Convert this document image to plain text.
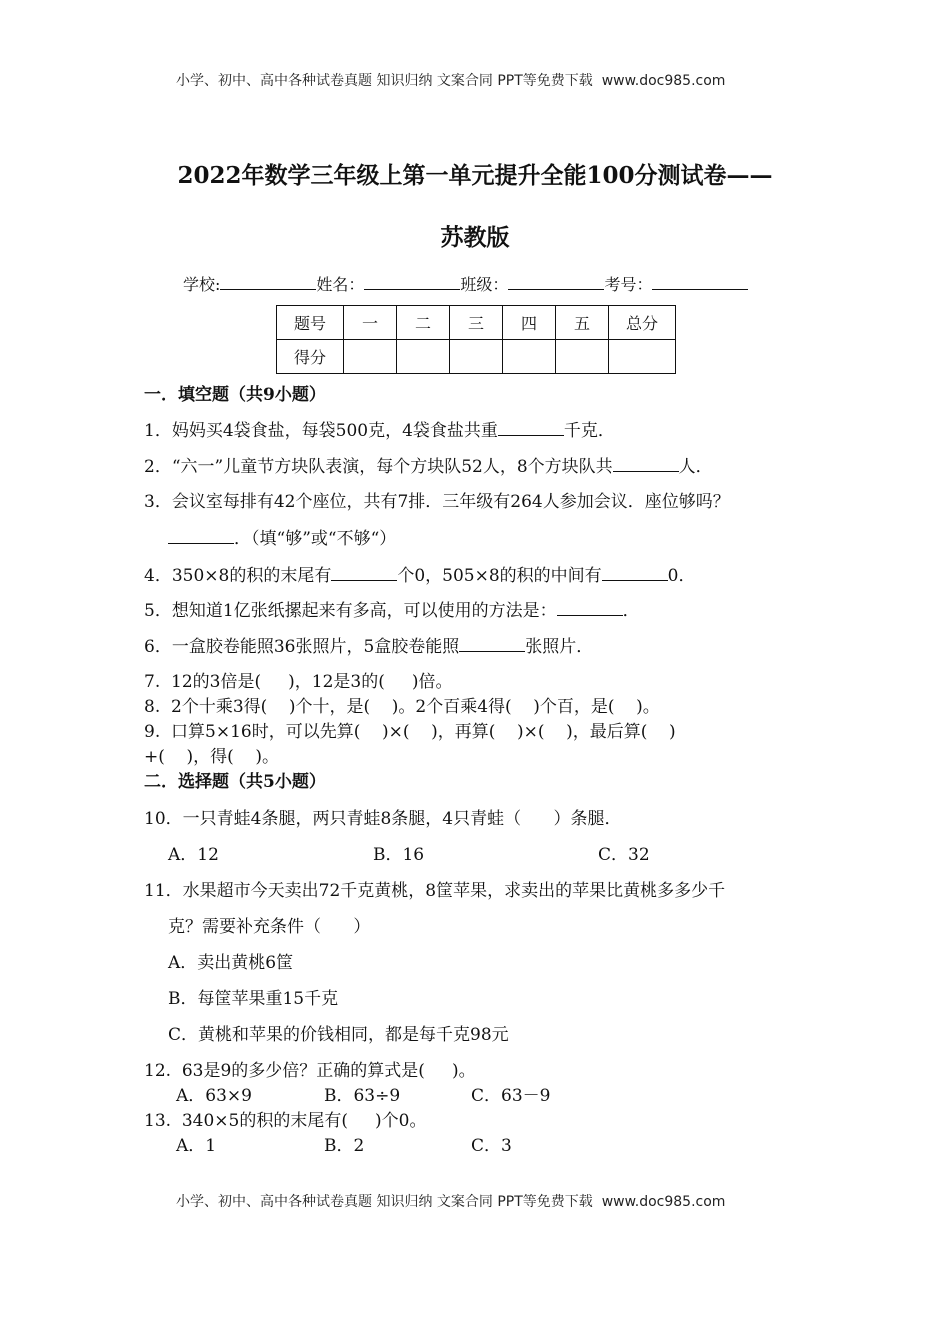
小学、初中、高中各种试卷真题 知识归纳 文案合同 PPT等免费下载 www.doc985.com
2022年数学三年级上第一单元提升全能100分测试卷——
苏教版
学校:	姓名：	班级：	考号：
题号	一	二	三	四	五	总分
得分						
一．填空题（共9小题）
1．妈妈买4袋食盐，每袋500克，4袋食盐共重	千克．
2．“六一”儿童节方块队表演，每个方块队52人，8个方块队共	人．
3．会议室每排有42个座位，共有7排．三年级有264人参加会议．座位够吗？
．（填“够”或“不够“）
4．350×8的积的末尾有	个0，505×8的积的中间有	0．
5．想知道1亿张纸摞起来有多高，可以使用的方法是：	．
6．一盒胶卷能照36张照片，5盒胶卷能照	张照片．
7.  12的3倍是(     )，12是3的(     )倍。
8.  2个十乘3得(    )个十，是(    )。2个百乘4得(    )个百，是(    )。
9.  口算5×16时，可以先算(    )×(    )，再算(    )×(    )，最后算(    )
+(    )，得(    )。
二．选择题（共5小题）
10．一只青蛙4条腿，两只青蛙8条腿，4只青蛙（      ）条腿．
A．12	B．16	C．32
11．水果超市今天卖出72千克黄桃，8筐苹果，求卖出的苹果比黄桃多多少千
克？需要补充条件（      ）
A．卖出黄桃6筐
B．每筐苹果重15千克
C．黄桃和苹果的价钱相同，都是每千克98元
12.  63是9的多少倍？正确的算式是(     )。
A．63×9	B．63÷9	C．63－9
13.  340×5的积的末尾有(     )个0。
A．1	B．2	C．3
小学、初中、高中各种试卷真题 知识归纳 文案合同 PPT等免费下载 www.doc985.com
